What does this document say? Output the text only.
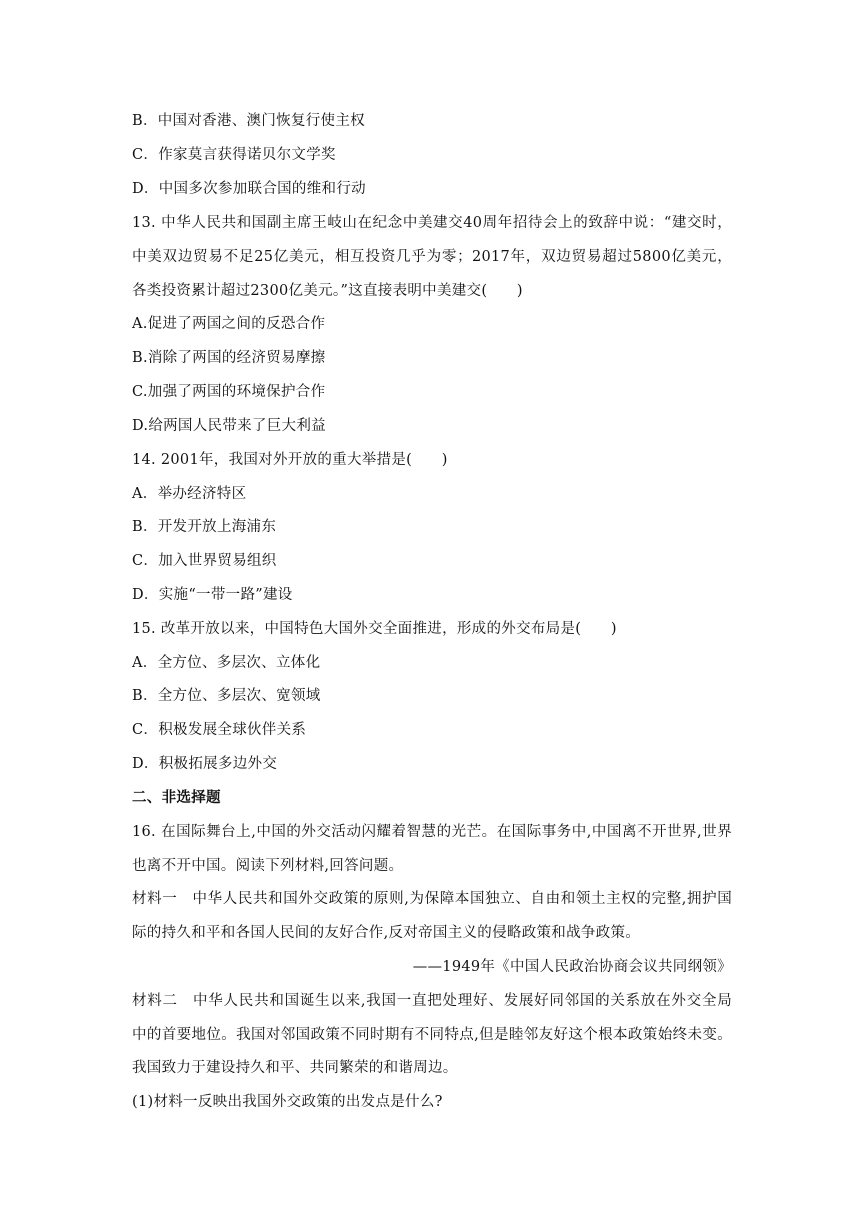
B．中国对香港、澳门恢复行使主权
C．作家莫言获得诺贝尔文学奖
D．中国多次参加联合国的维和行动
13. 中华人民共和国副主席王岐山在纪念中美建交40周年招待会上的致辞中说：“建交时，
中美双边贸易不足25亿美元，相互投资几乎为零；2017年，双边贸易超过5800亿美元，
各类投资累计超过2300亿美元。”这直接表明中美建交(　　)
A.促进了两国之间的反恐合作
B.消除了两国的经济贸易摩擦
C.加强了两国的环境保护合作
D.给两国人民带来了巨大利益
14. 2001年，我国对外开放的重大举措是(　　)
A．举办经济特区
B．开发开放上海浦东
C．加入世界贸易组织
D．实施“一带一路”建设
15. 改革开放以来，中国特色大国外交全面推进，形成的外交布局是(　　)
A．全方位、多层次、立体化
B．全方位、多层次、宽领域
C．积极发展全球伙伴关系
D．积极拓展多边外交
二、非选择题
16. 在国际舞台上,中国的外交活动闪耀着智慧的光芒。在国际事务中,中国离不开世界,世界
也离不开中国。阅读下列材料,回答问题。
材料一　中华人民共和国外交政策的原则,为保障本国独立、自由和领土主权的完整,拥护国
际的持久和平和各国人民间的友好合作,反对帝国主义的侵略政策和战争政策。
——1949年《中国人民政治协商会议共同纲领》
材料二　中华人民共和国诞生以来,我国一直把处理好、发展好同邻国的关系放在外交全局
中的首要地位。我国对邻国政策不同时期有不同特点,但是睦邻友好这个根本政策始终未变。
我国致力于建设持久和平、共同繁荣的和谐周边。
(1)材料一反映出我国外交政策的出发点是什么?
